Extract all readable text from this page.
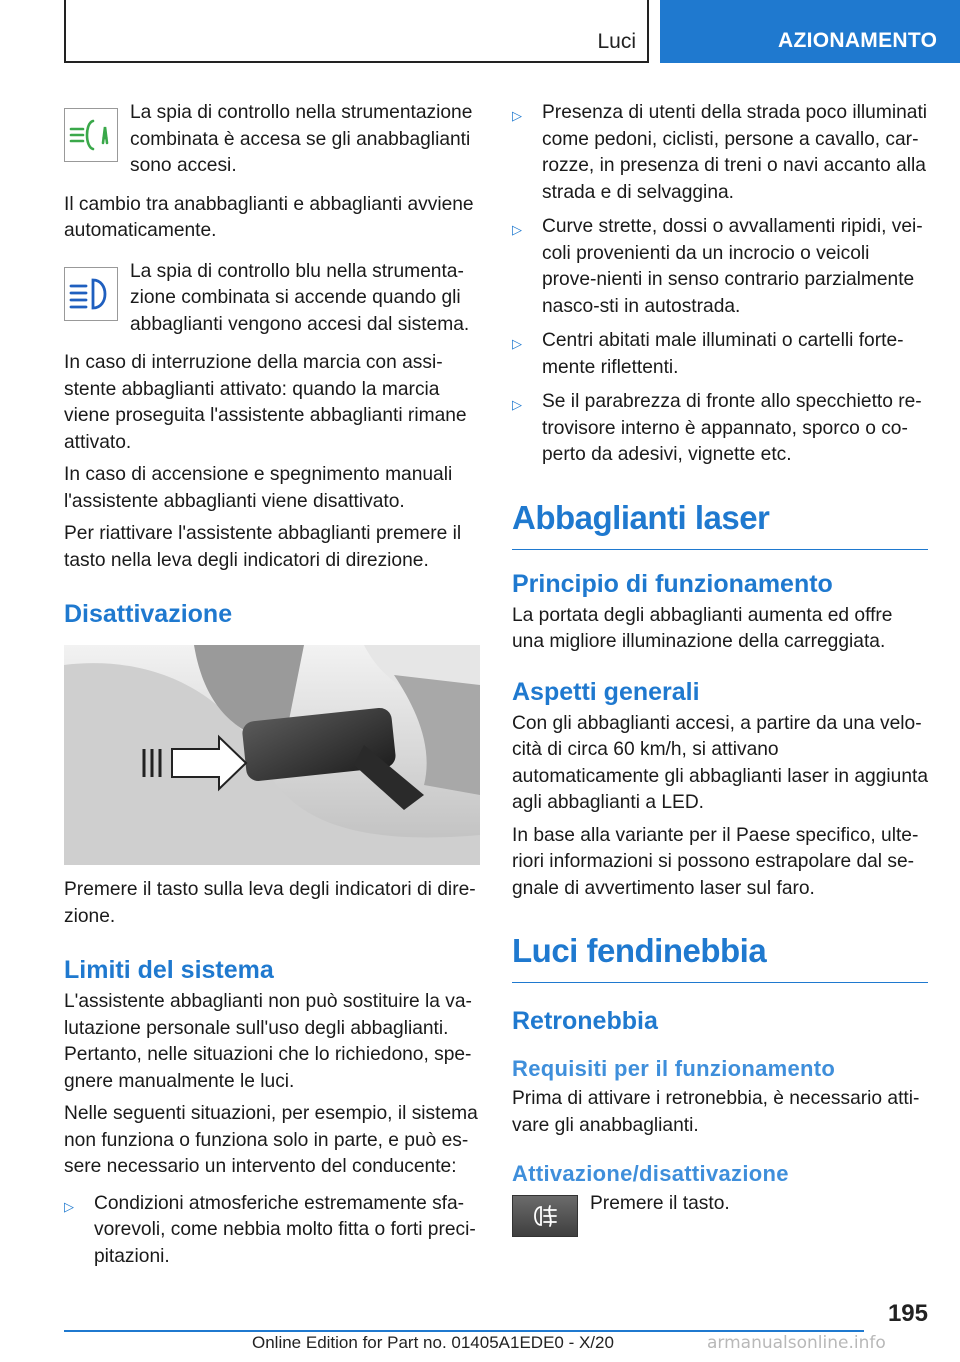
Luci	AZIONAMENTO

La spia di controllo nella strumentazione combinata è accesa se gli anabbaglianti sono accesi.

Il cambio tra anabbaglianti e abbaglianti avviene automaticamente.

La spia di controllo blu nella strumenta-zione combinata si accende quando gli abbaglianti vengono accesi dal sistema.

In caso di interruzione della marcia con assi-stente abbaglianti attivato: quando la marcia viene proseguita l'assistente abbaglianti rimane attivato.

In caso di accensione e spegnimento manuali l'assistente abbaglianti viene disattivato.

Per riattivare l'assistente abbaglianti premere il tasto nella leva degli indicatori di direzione.

Disattivazione

Premere il tasto sulla leva degli indicatori di dire-zione.

Limiti del sistema

L'assistente abbaglianti non può sostituire la va-lutazione personale sull'uso degli abbaglianti. Pertanto, nelle situazioni che lo richiedono, spe-gnere manualmente le luci.

Nelle seguenti situazioni, per esempio, il sistema non funziona o funziona solo in parte, e può es-sere necessario un intervento del conducente:

▷	Condizioni atmosferiche estremamente sfa-vorevoli, come nebbia molto fitta o forti preci-pitazioni.
▷	Presenza di utenti della strada poco illuminati come pedoni, ciclisti, persone a cavallo, car-rozze, in presenza di treni o navi accanto alla strada e di selvaggina.
▷	Curve strette, dossi o avvallamenti ripidi, vei-coli provenienti da un incrocio o veicoli prove-nienti in senso contrario parzialmente nasco-sti in autostrada.
▷	Centri abitati male illuminati o cartelli forte-mente riflettenti.
▷	Se il parabrezza di fronte allo specchietto re-trovisore interno è appannato, sporco o co-perto da adesivi, vignette etc.
Abbaglianti laser
Principio di funzionamento

La portata degli abbaglianti aumenta ed offre una migliore illuminazione della carreggiata.

Aspetti generali

Con gli abbaglianti accesi, a partire da una velo-cità di circa 60 km/h, si attivano automaticamente gli abbaglianti laser in aggiunta agli abbaglianti a LED.

In base alla variante per il Paese specifico, ulte-riori informazioni si possono estrapolare dal se-gnale di avvertimento laser sul faro.

Luci fendinebbia
Retronebbia
Requisiti per il funzionamento

Prima di attivare i retronebbia, è necessario atti-vare gli anabbaglianti.

Attivazione/disattivazione

Premere il tasto.

195
Online Edition for Part no. 01405A1EDE0 - X/20	armanualsonline.info
